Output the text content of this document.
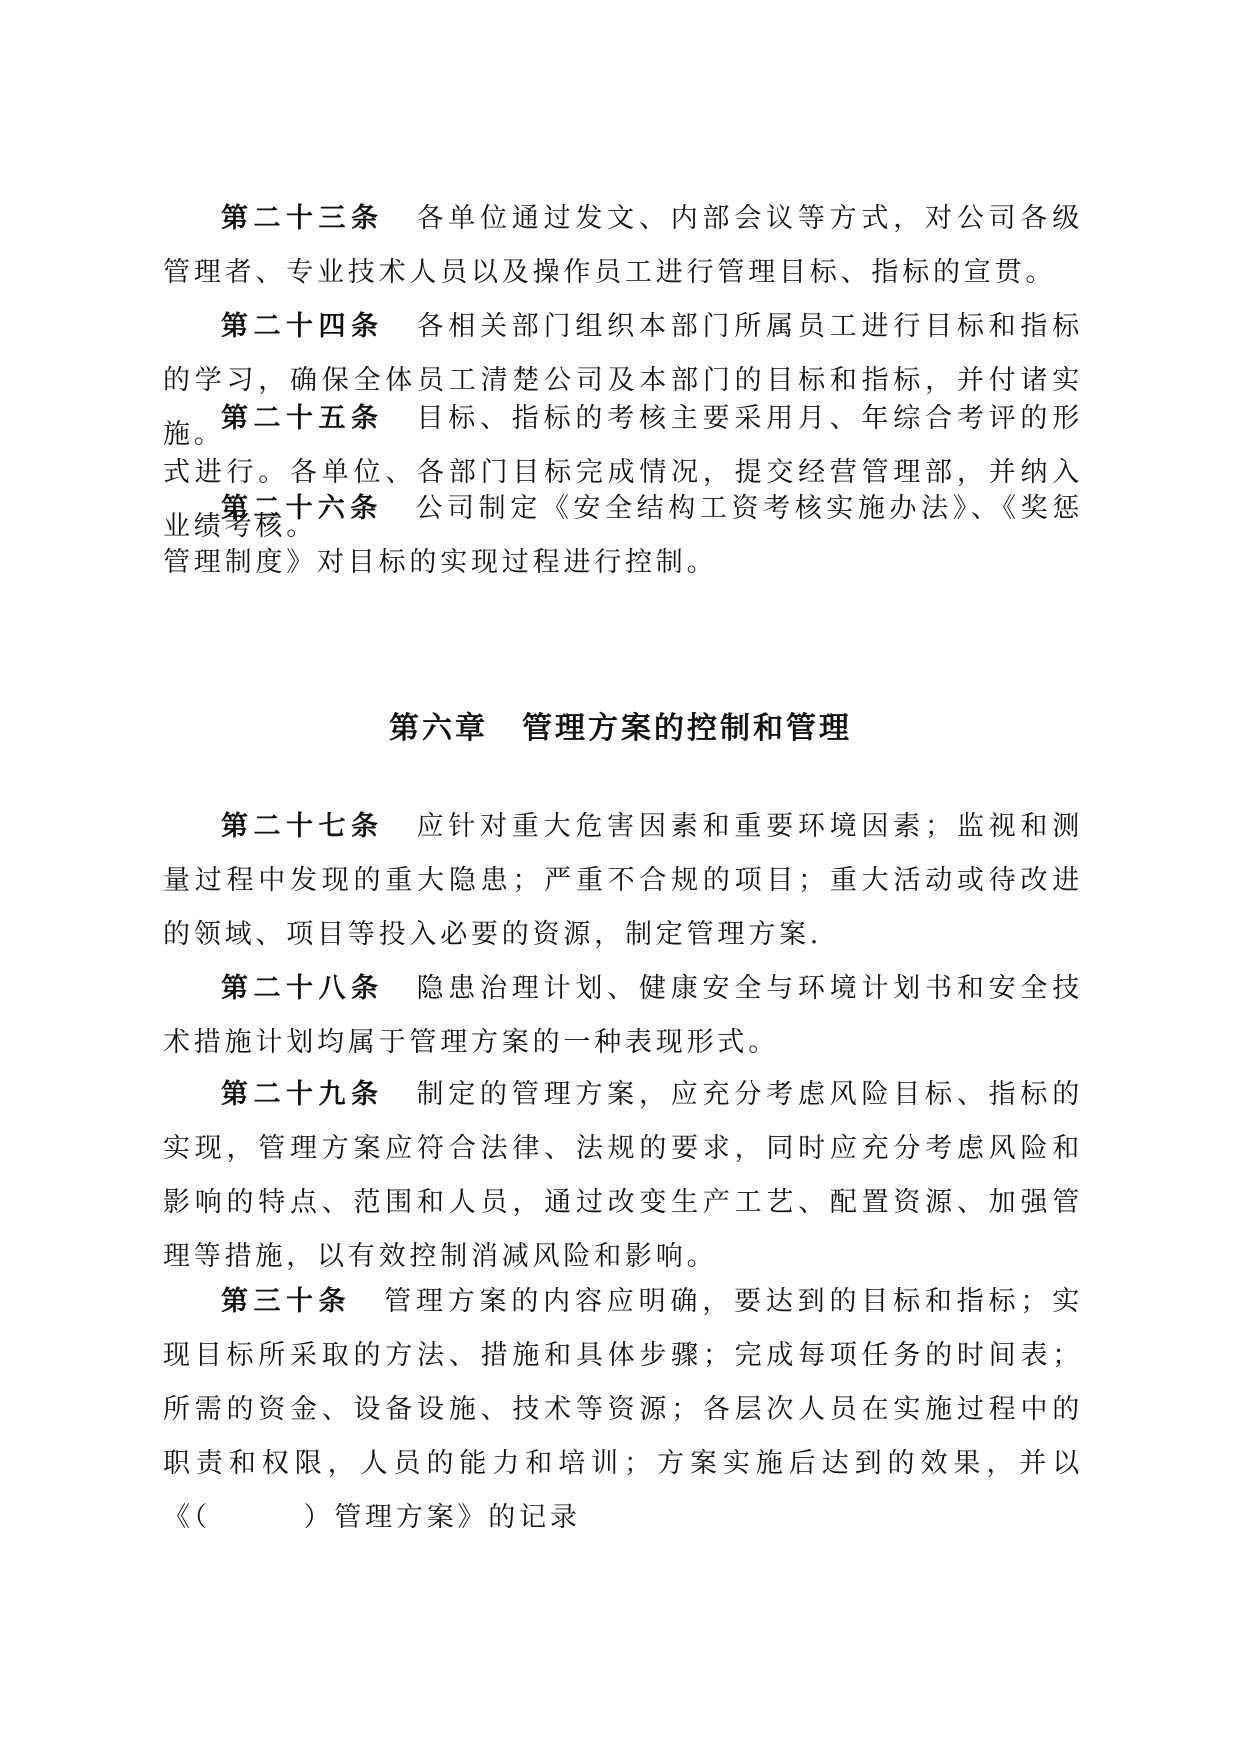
第二十三条 各单位通过发文、内部会议等方式，对公司各级管理者、专业技术人员以及操作员工进行管理目标、指标的宣贯。

第二十四条 各相关部门组织本部门所属员工进行目标和指标的学习，确保全体员工清楚公司及本部门的目标和指标，并付诸实施。

第二十五条 目标、指标的考核主要采用月、年综合考评的形式进行。各单位、各部门目标完成情况，提交经营管理部，并纳入业绩考核。

第二十六条 公司制定《安全结构工资考核实施办法》、《奖惩管理制度》对目标的实现过程进行控制。

第六章 管理方案的控制和管理

第二十七条 应针对重大危害因素和重要环境因素；监视和测量过程中发现的重大隐患；严重不合规的项目；重大活动或待改进的领域、项目等投入必要的资源，制定管理方案.

第二十八条 隐患治理计划、健康安全与环境计划书和安全技术措施计划均属于管理方案的一种表现形式。

第二十九条 制定的管理方案，应充分考虑风险目标、指标的实现，管理方案应符合法律、法规的要求，同时应充分考虑风险和影响的特点、范围和人员，通过改变生产工艺、配置资源、加强管理等措施，以有效控制消减风险和影响。

第三十条 管理方案的内容应明确，要达到的目标和指标；实现目标所采取的方法、措施和具体步骤；完成每项任务的时间表；所需的资金、设备设施、技术等资源；各层次人员在实施过程中的职责和权限，人员的能力和培训；方案实施后达到的效果，并以《（　　　）管理方案》的记录
